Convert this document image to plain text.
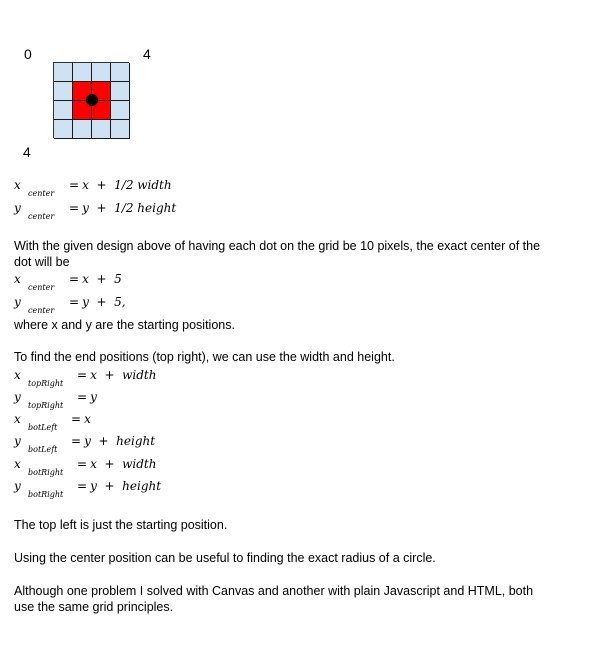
0	4
4
xcenter= x  +  1/2 width
ycenter= y  +  1/2 height
With the given design above of having each dot on the grid be 10 pixels, the exact center of the dot will be
xcenter= x  +  5
ycenter= y  +  5,
where x and y are the starting positions.
To find the end positions (top right), we can use the width and height.
xtopRight= x  +  width
ytopRight= y
xbotLeft= x
ybotLeft= y  +  height
xbotRight= x  +  width
ybotRight= y  +  height
The top left is just the starting position.
Using the center position can be useful to finding the exact radius of a circle.
Although one problem I solved with Canvas and another with plain Javascript and HTML, both use the same grid principles.
